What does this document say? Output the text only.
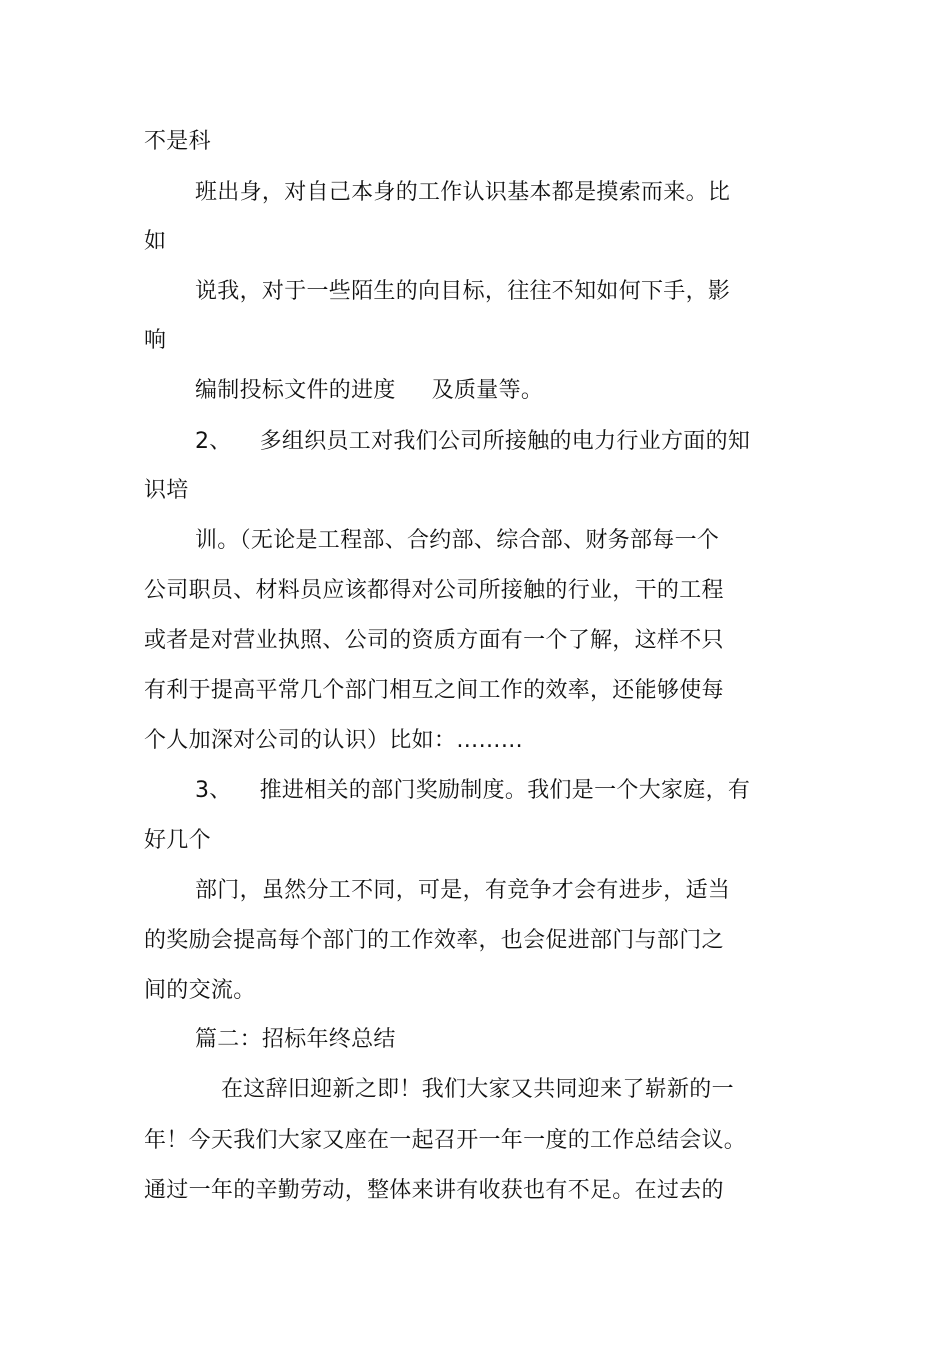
不是科
班出身，对自己本身的工作认识基本都是摸索而来。比
如
说我，对于一些陌生的向目标，往往不知如何下手，影
响
编制投标文件的进度 及质量等。
2、 多组织员工对我们公司所接触的电力行业方面的知
识培
训。（无论是工程部、合约部、综合部、财务部每一个
公司职员、材料员应该都得对公司所接触的行业，干的工程
或者是对营业执照、公司的资质方面有一个了解，这样不只
有利于提高平常几个部门相互之间工作的效率，还能够使每
个人加深对公司的认识）比如：………
3、 推进相关的部门奖励制度。我们是一个大家庭，有
好几个
部门，虽然分工不同，可是，有竞争才会有进步，适当
的奖励会提高每个部门的工作效率，也会促进部门与部门之
间的交流。
篇二：招标年终总结
在这辞旧迎新之即！我们大家又共同迎来了崭新的一
年！今天我们大家又座在一起召开一年一度的工作总结会议。
通过一年的辛勤劳动，整体来讲有收获也有不足。在过去的
